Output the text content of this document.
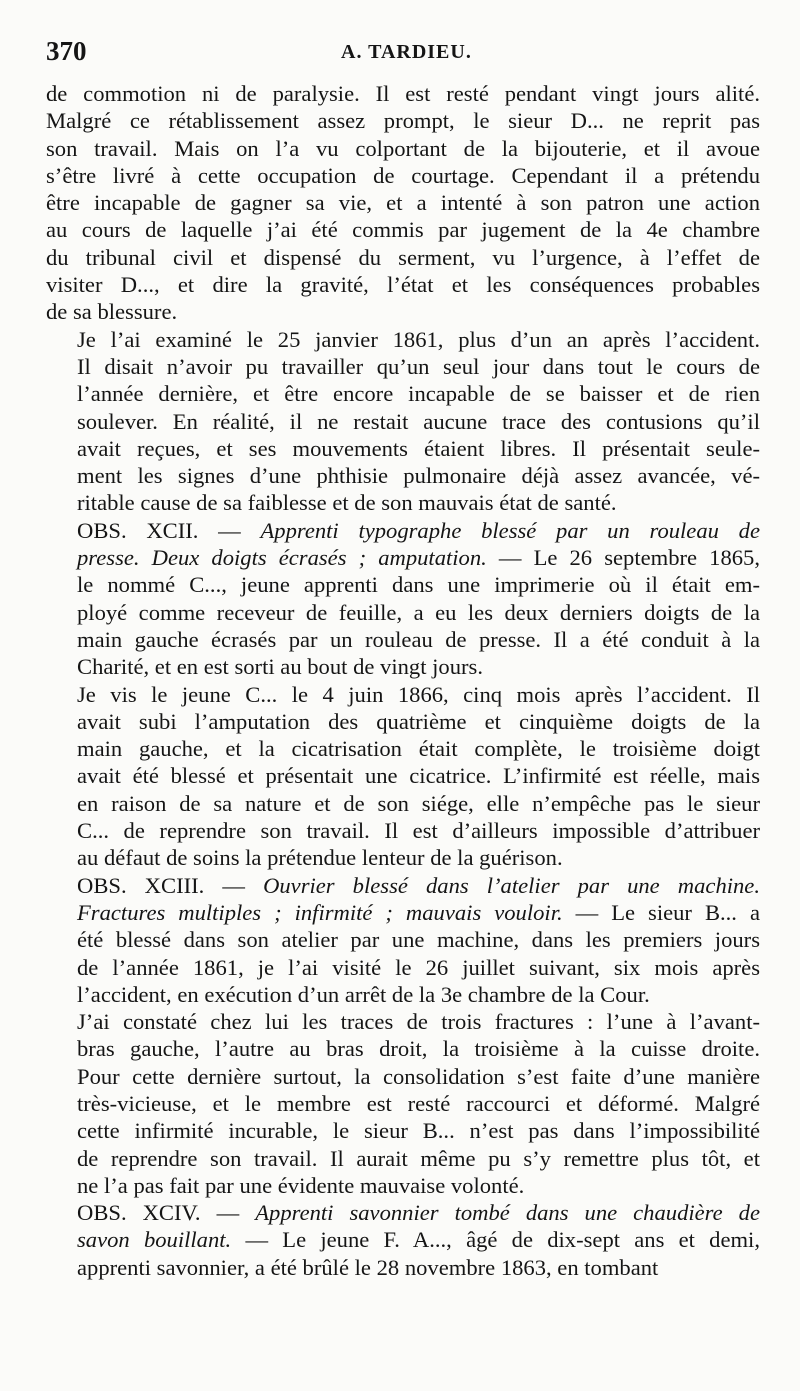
370	A. TARDIEU.

de commotion ni de paralysie. Il est resté pendant vingt jours alité.
Malgré ce rétablissement assez prompt, le sieur D... ne reprit pas
son travail. Mais on l’a vu colportant de la bijouterie, et il avoue
s’être livré à cette occupation de courtage. Cependant il a prétendu
être incapable de gagner sa vie, et a intenté à son patron une action
au cours de laquelle j’ai été commis par jugement de la 4e chambre
du tribunal civil et dispensé du serment, vu l’urgence, à l’effet de
visiter D..., et dire la gravité, l’état et les conséquences probables
de sa blessure.

Je l’ai examiné le 25 janvier 1861, plus d’un an après l’accident.
Il disait n’avoir pu travailler qu’un seul jour dans tout le cours de
l’année dernière, et être encore incapable de se baisser et de rien
soulever. En réalité, il ne restait aucune trace des contusions qu’il
avait reçues, et ses mouvements étaient libres. Il présentait seule-
ment les signes d’une phthisie pulmonaire déjà assez avancée, vé-
ritable cause de sa faiblesse et de son mauvais état de santé.

OBS. XCII. — Apprenti typographe blessé par un rouleau de
presse. Deux doigts écrasés ; amputation. — Le 26 septembre 1865,
le nommé C..., jeune apprenti dans une imprimerie où il était em-
ployé comme receveur de feuille, a eu les deux derniers doigts de la
main gauche écrasés par un rouleau de presse. Il a été conduit à la
Charité, et en est sorti au bout de vingt jours.

Je vis le jeune C... le 4 juin 1866, cinq mois après l’accident. Il
avait subi l’amputation des quatrième et cinquième doigts de la
main gauche, et la cicatrisation était complète, le troisième doigt
avait été blessé et présentait une cicatrice. L’infirmité est réelle, mais
en raison de sa nature et de son siége, elle n’empêche pas le sieur
C... de reprendre son travail. Il est d’ailleurs impossible d’attribuer
au défaut de soins la prétendue lenteur de la guérison.

OBS. XCIII. — Ouvrier blessé dans l’atelier par une machine.
Fractures multiples ; infirmité ; mauvais vouloir. — Le sieur B... a
été blessé dans son atelier par une machine, dans les premiers jours
de l’année 1861, je l’ai visité le 26 juillet suivant, six mois après
l’accident, en exécution d’un arrêt de la 3e chambre de la Cour.

J’ai constaté chez lui les traces de trois fractures : l’une à l’avant-
bras gauche, l’autre au bras droit, la troisième à la cuisse droite.
Pour cette dernière surtout, la consolidation s’est faite d’une manière
très-vicieuse, et le membre est resté raccourci et déformé. Malgré
cette infirmité incurable, le sieur B... n’est pas dans l’impossibilité
de reprendre son travail. Il aurait même pu s’y remettre plus tôt, et
ne l’a pas fait par une évidente mauvaise volonté.

OBS. XCIV. — Apprenti savonnier tombé dans une chaudière de
savon bouillant. — Le jeune F. A..., âgé de dix-sept ans et demi,
apprenti savonnier, a été brûlé le 28 novembre 1863, en tombant
